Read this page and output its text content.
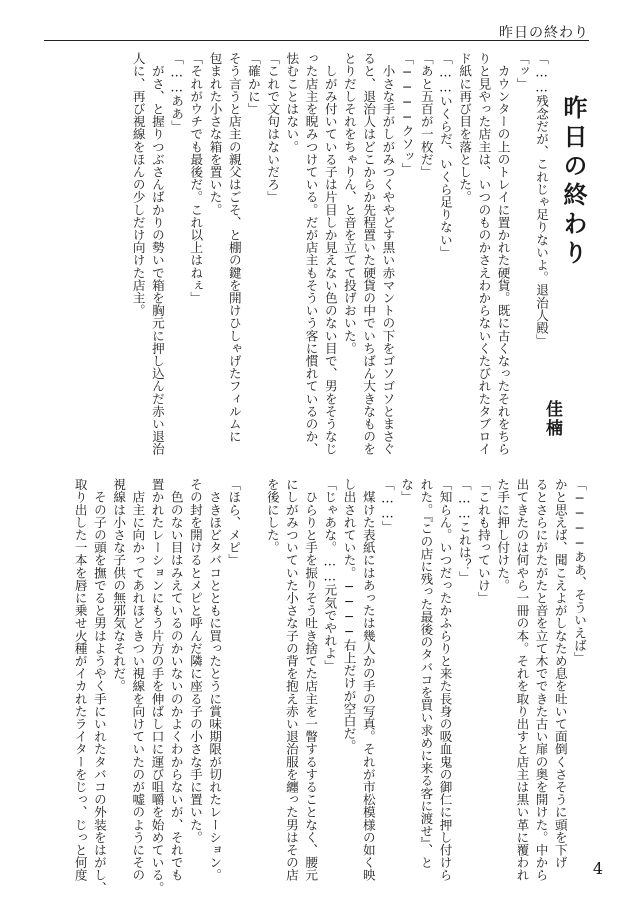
昨日の終わり
「……残念だが、これじゃ足りないよ。退治人殿」
「ッ」
　カウンターの上のトレイに置かれた硬貨。既に古くなったそれをちら
りと見やった店主は、いつのものかさえわからないくたびれたタブロイ
ド紙に再び目を落とした。
「……いくらだ、いくら足りない」
「あと五百が一枚だ」
「────クソッ」
　小さな手がしがみつくややどす黒い赤マントの下をゴソゴソとまさぐ
ると、退治人はどこからか先程置いた硬貨の中でいちばん大きなものを
とりだしそれをちゃりん、と音を立てて投げおいた。
　しがみ付いている子は片目しか見えない色のない目で、男をそうなじ
った店主を睨みつけている。だが店主もそういう客に慣れているのか、
怯むことはない。
「これで文句はないだろ」
「確かに」
そう言うと店主の親父はごそ、と棚の鍵を開けひしゃげたフィルムに
包まれた小さな箱を置いた。
「それがウチでも最後だ。これ以上はねぇ」
「……ああ」
　がさ、と握りつぶさんばかりの勢いで箱を胸元に押し込んだ赤い退治
人に、再び視線をほんの少しだけ向けた店主。	昨日の終わり
佳楠
「────ああ、そういえば」
かと思えば、聞こえよがしなため息を吐いて面倒くさそうに頭を下げ
るとさらにがたがたと音を立て木でできた古い扉の奥を開けた。中から
出てきたのは何やら一冊の本。それを取り出すと店主は黒い革に覆われ
た手に押し付けた。
「これも持っていけ」
「……これは？」
「知らん。いつだったかふらりと来た長身の吸血鬼の御仁に押し付けら
れた。『この店に残った最後のタバコを買い求めに来る客に渡せ』、と
な」
「……」
　煤けた表紙にはあったは幾人かの手の写真。それが市松模様の如く映
し出されていた。────右上だけが空白だ。
「じゃあな。……元気でやれよ」
　ひらりと手を振りそう吐き捨てた店主を一瞥するすることなく、腰元
にしがみついていた小さな子の背を抱え赤い退治服を纏った男はその店
を後にした。

「ほら、メピ」
　さきほどタバコとともに買ったとうに賞味期限が切れたレーション。
その封を開けるとメピと呼んだ隣に座る子の小さな手に置いた。
　色のない目はみえているのかいないのかよくわからないが、それでも
置かれたレーションにもう片方の手を伸ばし口に運び咀嚼を始めている。
　店主に向かってあれほどきつい視線を向けていたのが嘘のようにその
視線は小さな子供の無邪気なそれだ。
　その子の頭を撫でると男はようやく手にいれたタバコの外装をはがし、
取り出した一本を唇に乗せ火種がイカれたライターをじっ、じっと何度	4
